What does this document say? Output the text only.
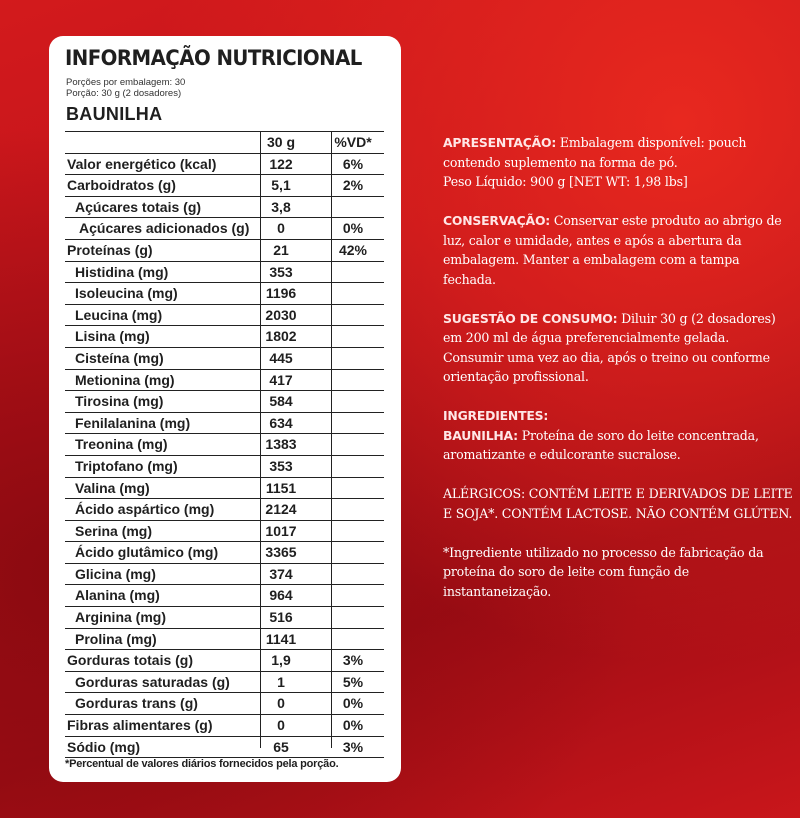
INFORMAÇÃO NUTRICIONAL
Porções por embalagem: 30
Porção: 30 g (2 dosadores)
BAUNILHA
30 g	%VD*
Valor energético (kcal)	122	6%
Carboidratos (g)	5,1	2%
Açúcares totais (g)	3,8
Açúcares adicionados (g)	0	0%
Proteínas (g)	21	42%
Histidina (mg)	353
Isoleucina (mg)	1196
Leucina (mg)	2030
Lisina (mg)	1802
Cisteína (mg)	445
Metionina (mg)	417
Tirosina (mg)	584
Fenilalanina (mg)	634
Treonina (mg)	1383
Triptofano (mg)	353
Valina (mg)	1151
Ácido aspártico (mg)	2124
Serina (mg)	1017
Ácido glutâmico (mg)	3365
Glicina (mg)	374
Alanina (mg)	964
Arginina (mg)	516
Prolina (mg)	1141
Gorduras totais (g)	1,9	3%
Gorduras saturadas (g)	1	5%
Gorduras trans (g)	0	0%
Fibras alimentares (g)	0	0%
Sódio (mg)	65	3%
*Percentual de valores diários fornecidos pela porção.

APRESENTAÇÃO: Embalagem disponível: pouch contendo suplemento na forma de pó.
Peso Líquido: 900 g [NET WT: 1,98 lbs]

CONSERVAÇÃO: Conservar este produto ao abrigo de luz, calor e umidade, antes e após a abertura da embalagem. Manter a embalagem com a tampa fechada.

SUGESTÃO DE CONSUMO: Diluir 30 g (2 dosadores) em 200 ml de água preferencialmente gelada. Consumir uma vez ao dia, após o treino ou conforme orientação profissional.

INGREDIENTES:
BAUNILHA: Proteína de soro do leite concentrada, aromatizante e edulcorante sucralose.

ALÉRGICOS: CONTÉM LEITE E DERIVADOS DE LEITE E SOJA*. CONTÉM LACTOSE. NÃO CONTÉM GLÚTEN.

*Ingrediente utilizado no processo de fabricação da proteína do soro de leite com função de instantaneização.
